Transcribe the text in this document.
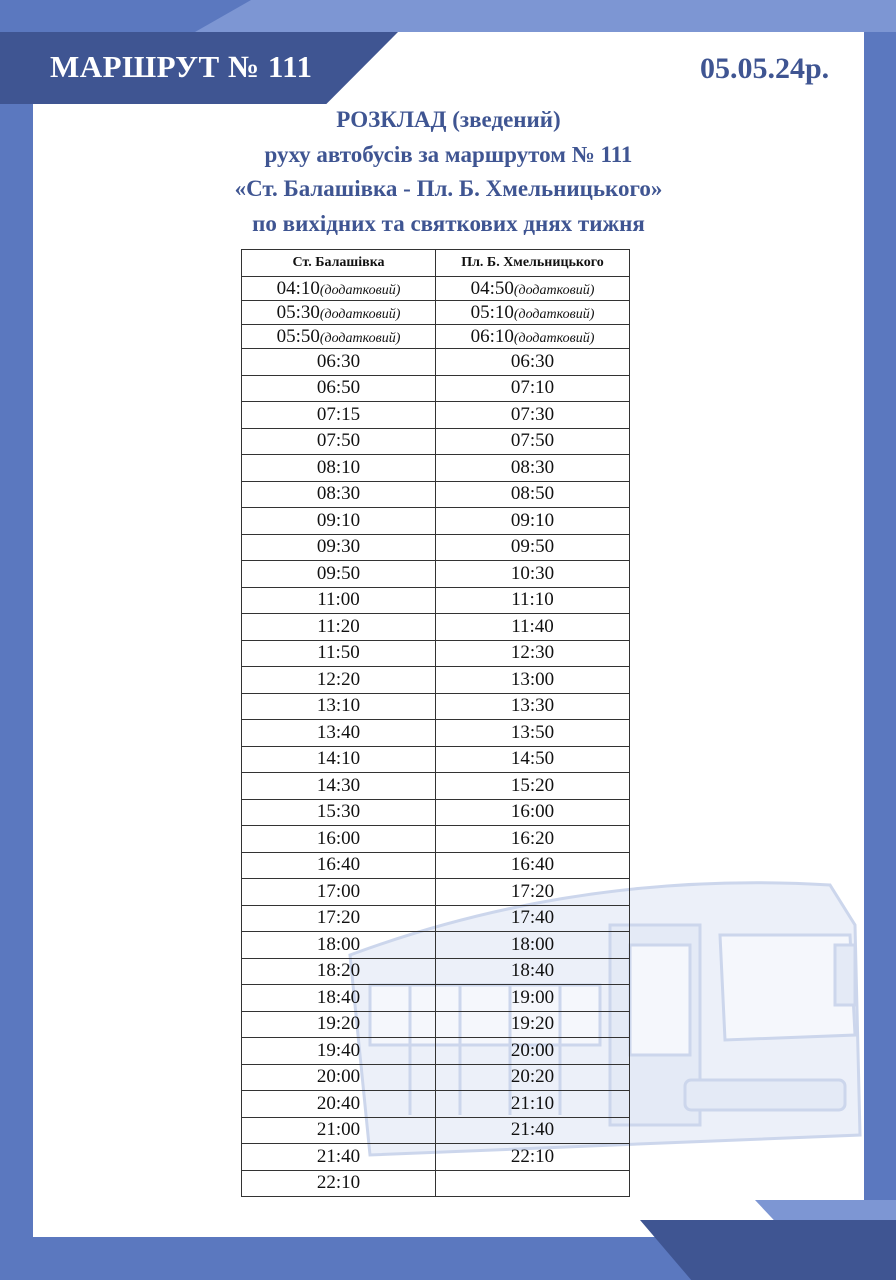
МАРШРУТ № 111	05.05.24р.
РОЗКЛАД (зведений)
руху автобусів за маршрутом № 111
«Ст. Балашівка - Пл. Б. Хмельницького»
по вихідних та святкових днях тижня
Ст. Балашівка	Пл. Б. Хмельницького
04:10(додатковий)	04:50(додатковий)
05:30(додатковий)	05:10(додатковий)
05:50(додатковий)	06:10(додатковий)
06:30	06:30
06:50	07:10
07:15	07:30
07:50	07:50
08:10	08:30
08:30	08:50
09:10	09:10
09:30	09:50
09:50	10:30
11:00	11:10
11:20	11:40
11:50	12:30
12:20	13:00
13:10	13:30
13:40	13:50
14:10	14:50
14:30	15:20
15:30	16:00
16:00	16:20
16:40	16:40
17:00	17:20
17:20	17:40
18:00	18:00
18:20	18:40
18:40	19:00
19:20	19:20
19:40	20:00
20:00	20:20
20:40	21:10
21:00	21:40
21:40	22:10
22:10	
